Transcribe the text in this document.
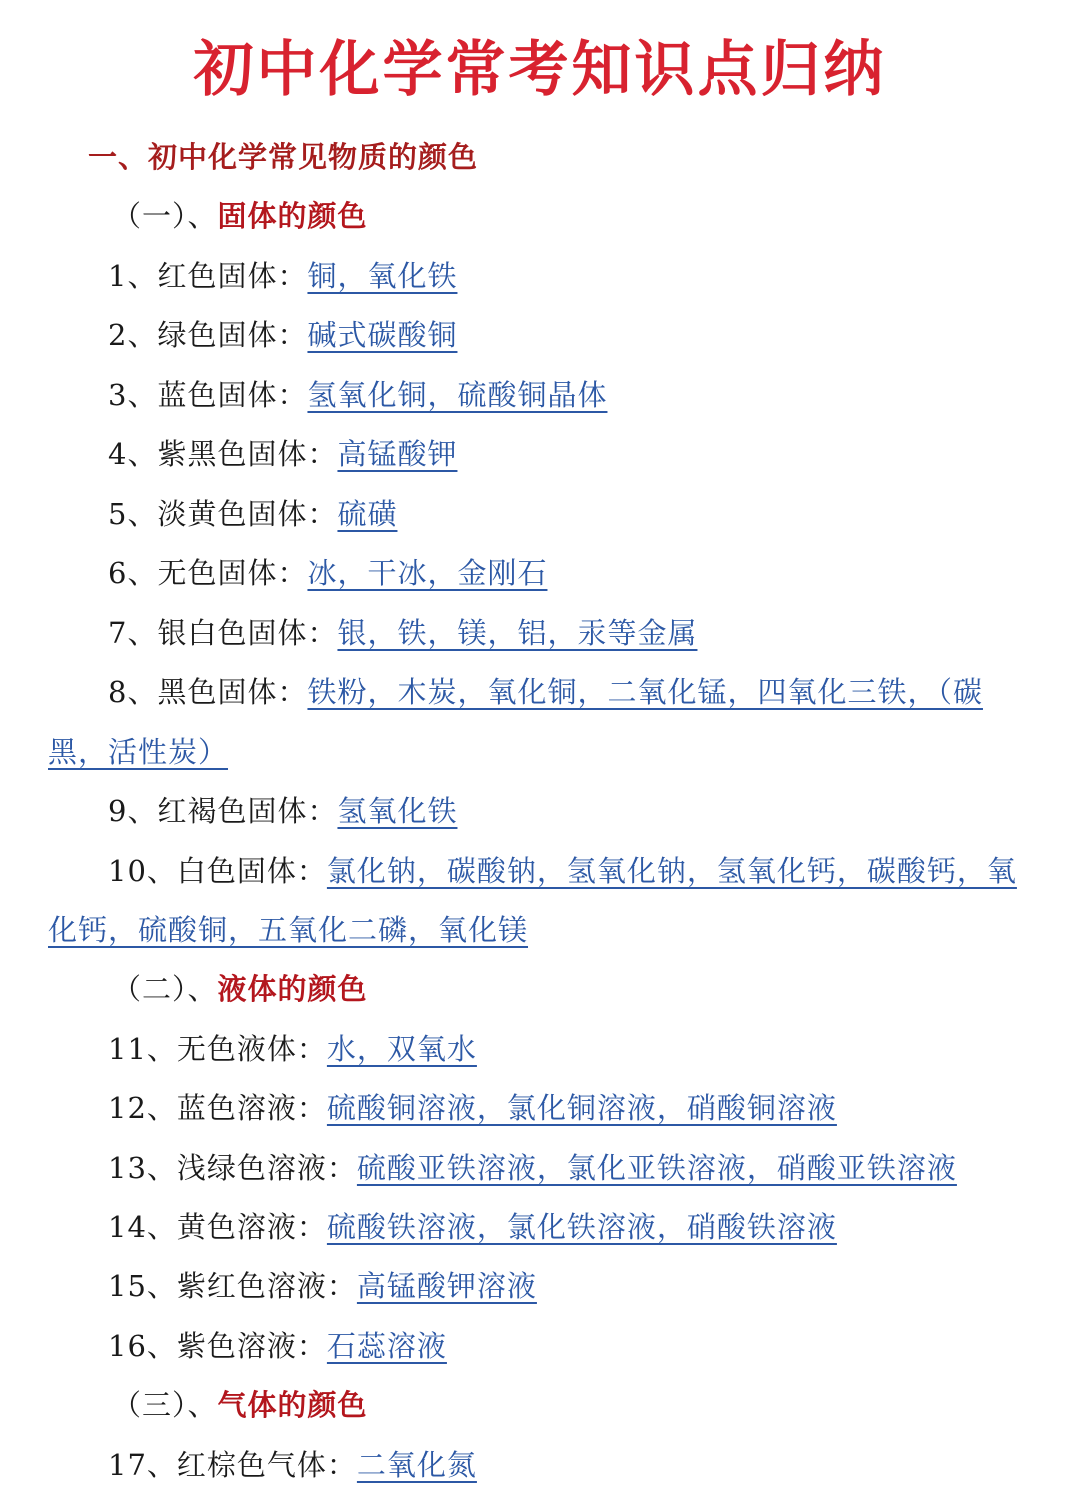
初中化学常考知识点归纳
一、初中化学常见物质的颜色
（一）、固体的颜色
1、红色固体：铜，氧化铁
2、绿色固体：碱式碳酸铜
3、蓝色固体：氢氧化铜，硫酸铜晶体
4、紫黑色固体：高锰酸钾
5、淡黄色固体：硫磺
6、无色固体：冰，干冰，金刚石
7、银白色固体：银，铁，镁，铝，汞等金属
8、黑色固体：铁粉，木炭，氧化铜，二氧化锰，四氧化三铁，（碳
黑，活性炭）
9、红褐色固体：氢氧化铁
10、白色固体：氯化钠，碳酸钠，氢氧化钠，氢氧化钙，碳酸钙，氧
化钙，硫酸铜，五氧化二磷，氧化镁
（二）、液体的颜色
11、无色液体：水，双氧水
12、蓝色溶液：硫酸铜溶液，氯化铜溶液，硝酸铜溶液
13、浅绿色溶液：硫酸亚铁溶液，氯化亚铁溶液，硝酸亚铁溶液
14、黄色溶液：硫酸铁溶液，氯化铁溶液，硝酸铁溶液
15、紫红色溶液：高锰酸钾溶液
16、紫色溶液：石蕊溶液
（三）、气体的颜色
17、红棕色气体：二氧化氮
